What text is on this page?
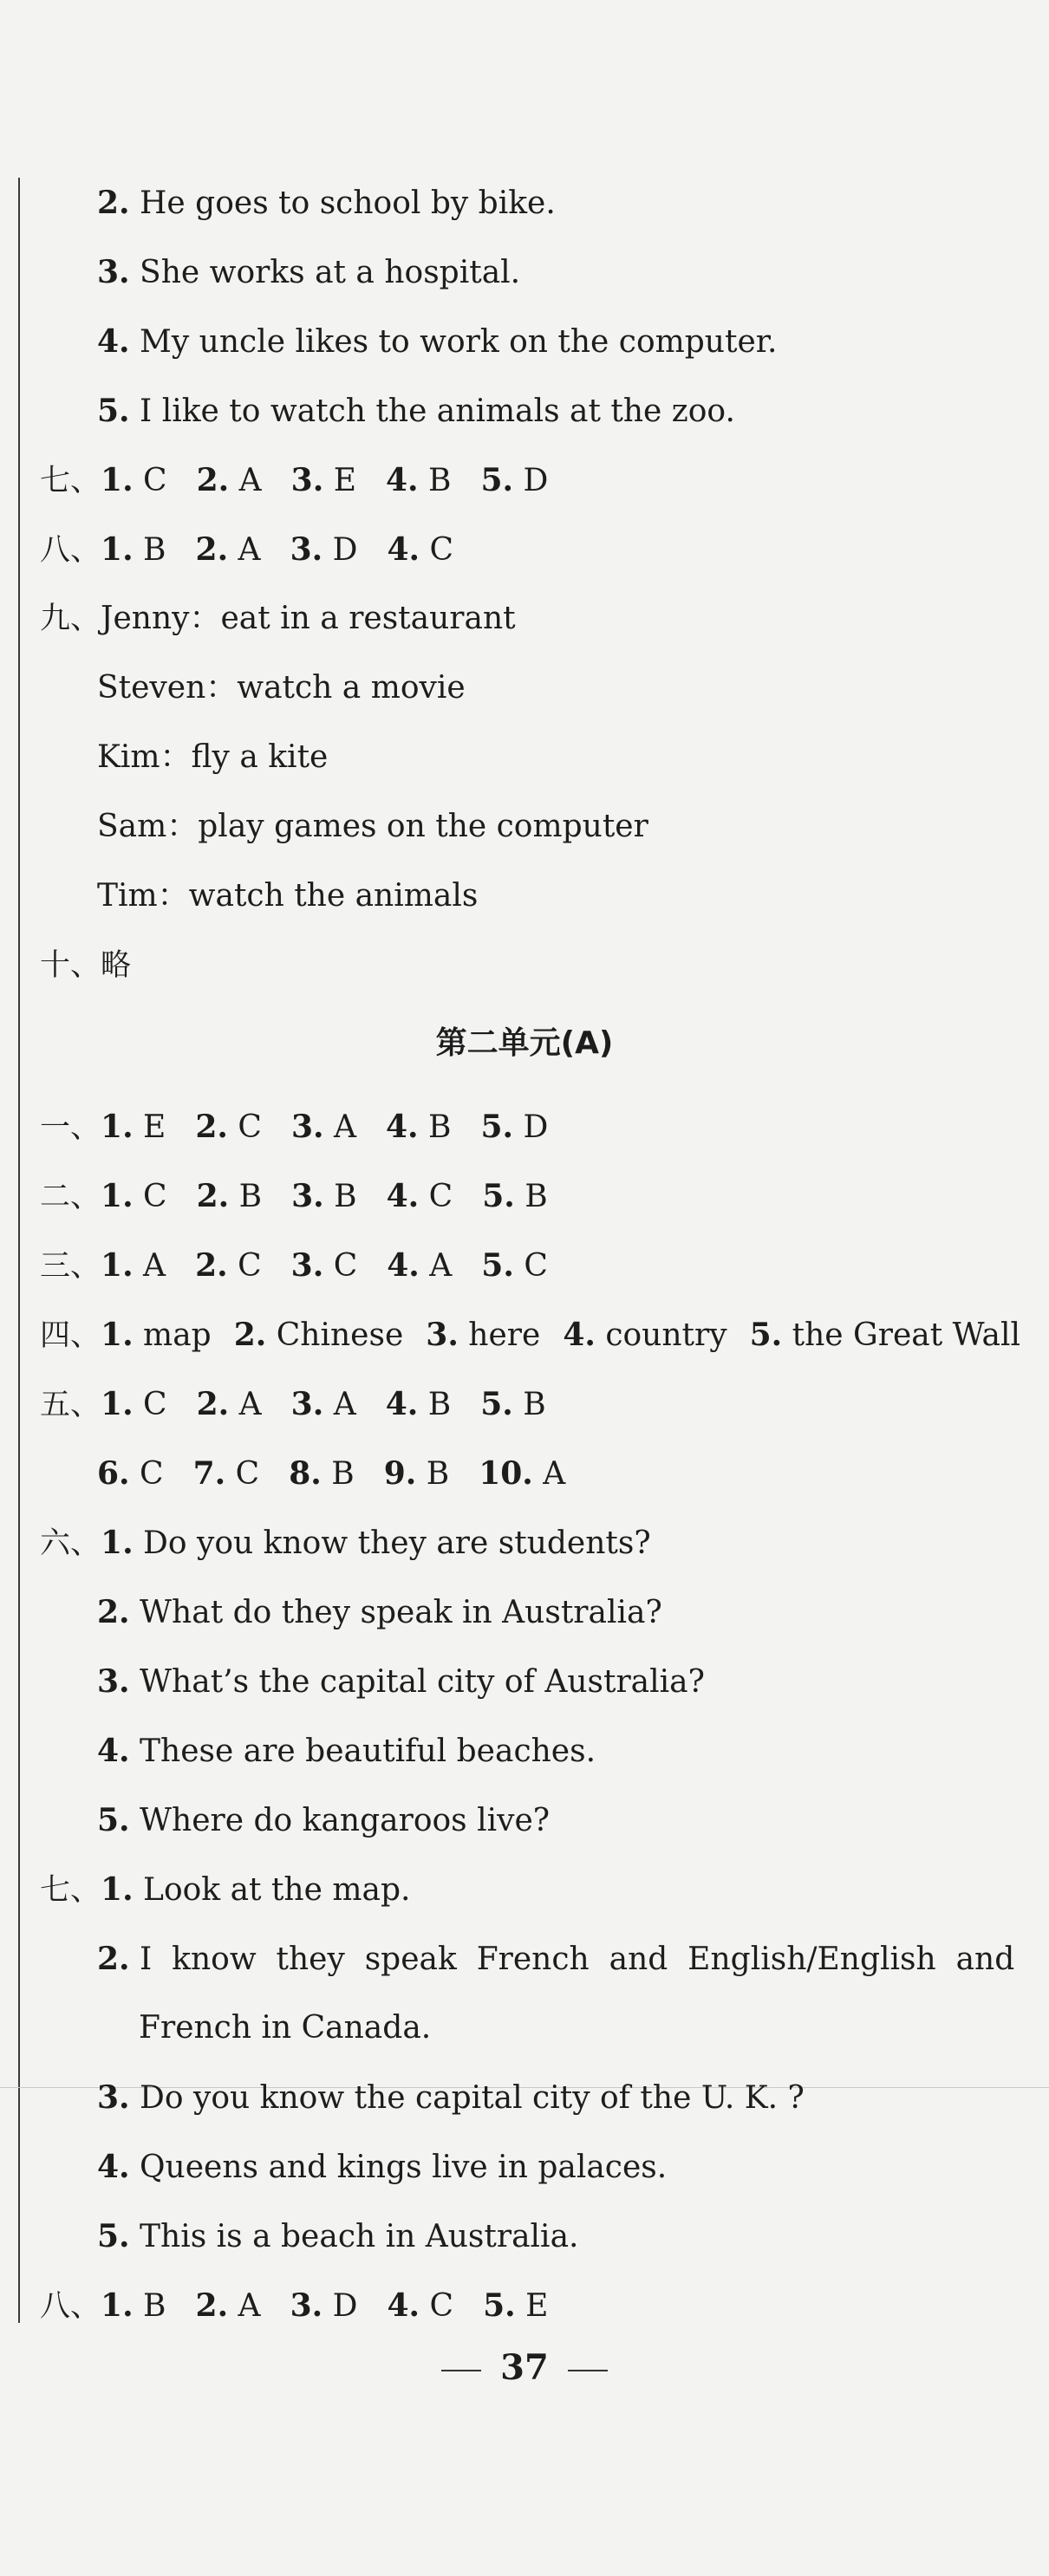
2. He goes to school by bike.
3. She works at a hospital.
4. My uncle likes to work on the computer.
5. I like to watch the animals at the zoo.
七、1. C 2. A 3. E 4. B 5. D
八、1. B 2. A 3. D 4. C
九、Jenny：eat in a restaurant
Steven：watch a movie
Kim：fly a kite
Sam：play games on the computer
Tim：watch the animals
十、略
第二单元(A)
一、1. E 2. C 3. A 4. B 5. D
二、1. C 2. B 3. B 4. C 5. B
三、1. A 2. C 3. C 4. A 5. C
四、1. map 2. Chinese 3. here 4. country 5. the Great Wall
五、1. C 2. A 3. A 4. B 5. B
6. C 7. C 8. B 9. B 10. A
六、1. Do you know they are students?
2. What do they speak in Australia?
3. What’s the capital city of Australia?
4. These are beautiful beaches.
5. Where do kangaroos live?
七、1. Look at the map.
2. I  know  they  speak  French  and  English/English  and
French in Canada.
3. Do you know the capital city of the U. K. ?
4. Queens and kings live in palaces.
5. This is a beach in Australia.
八、1. B 2. A 3. D 4. C 5. E
37
